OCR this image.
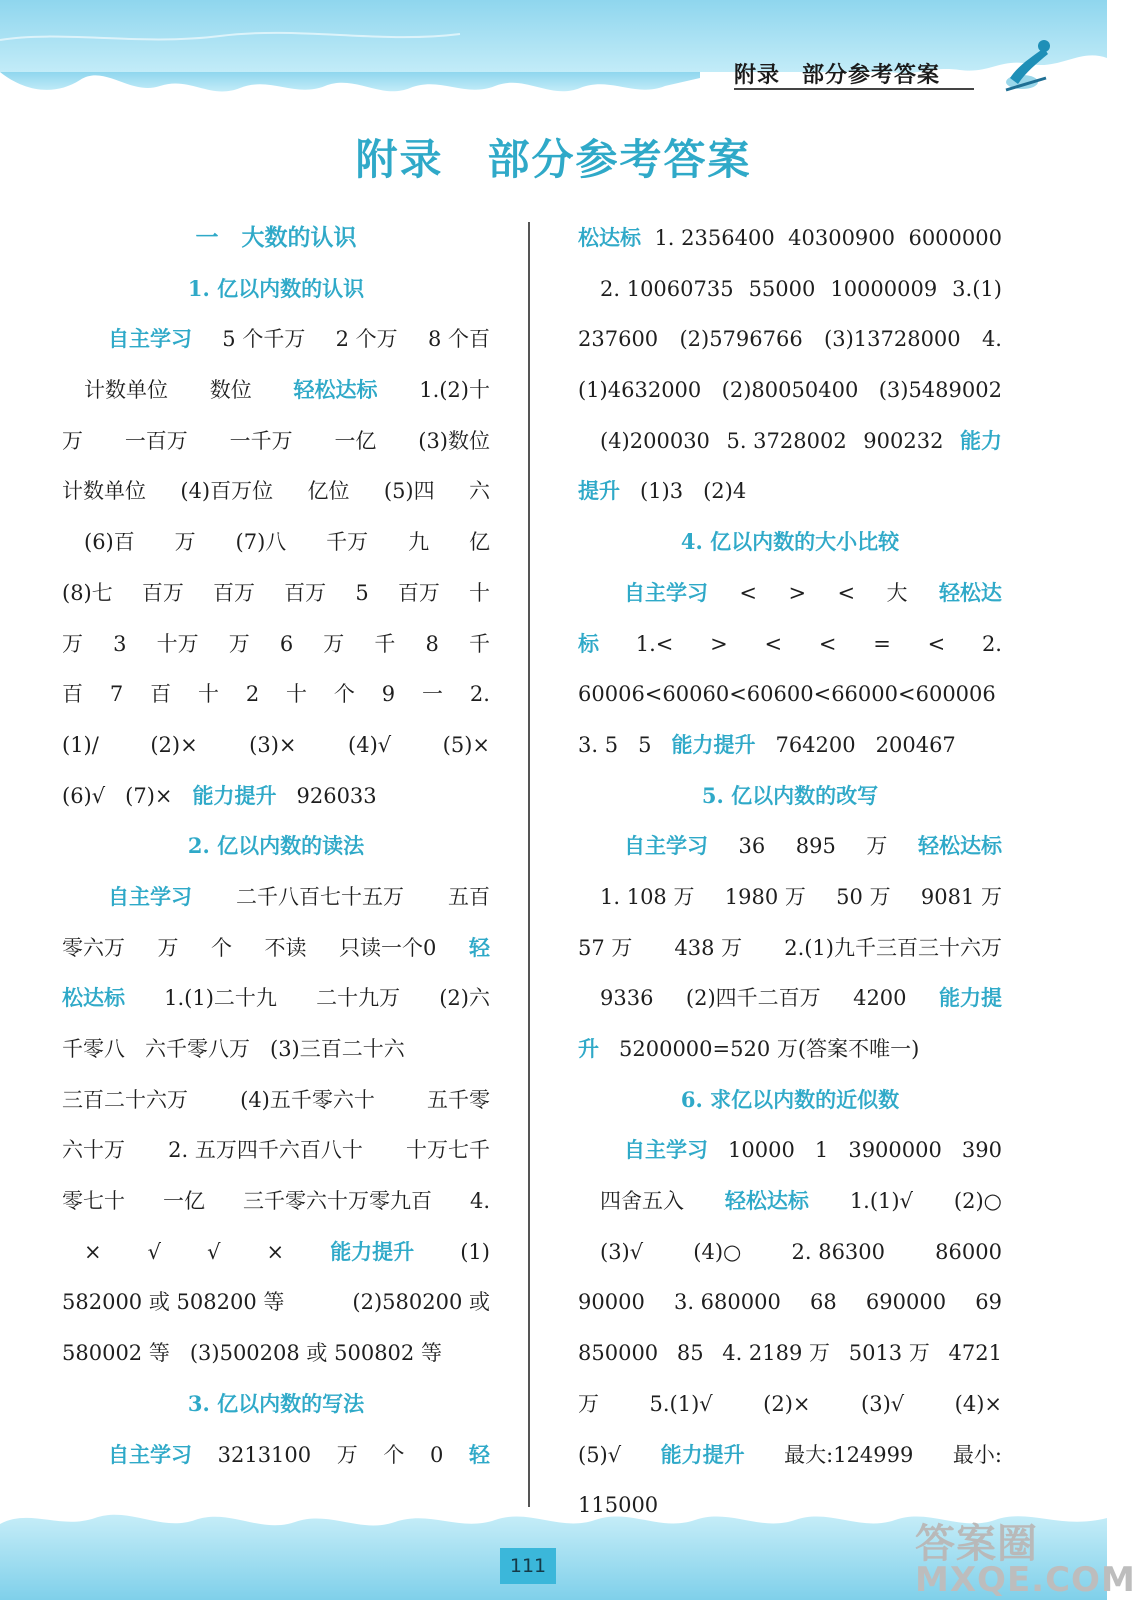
附录 部分参考答案
附录 部分参考答案
一　大数的认识
1. 亿以内数的认识
自主学习 5 个千万 2 个万 8 个百
计数单位 数位 轻松达标 1.(2)十
万 一百万 一千万 一亿 (3)数位
计数单位 (4)百万位 亿位 (5)四 六
(6)百 万 (7)八 千万 九 亿
(8)七 百万 百万 百万 5 百万 十
万 3 十万 万 6 万 千 8 千
百 7 百 十 2 十 个 9 一 2.
(1)/ (2)× (3)× (4)√ (5)×
(6)√ (7)× 能力提升 926033
2. 亿以内数的读法
自主学习 二千八百七十五万 五百
零六万 万 个 不读 只读一个0 轻
松达标 1.(1)二十九 二十九万 (2)六
千零八 六千零八万 (3)三百二十六
三百二十六万 (4)五千零六十 五千零
六十万 2. 五万四千六百八十 十万七千
零七十 一亿 三千零六十万零九百 4.
× √ √ × 能力提升 (1)
582000 或 508200 等	(2)580200 或
580002 等 (3)500208 或 500802 等
3. 亿以内数的写法
自主学习 3213100 万 个 0 轻
松达标 1. 2356400 40300900 6000000
2. 10060735 55000 10000009 3.(1)
237600 (2)5796766 (3)13728000 4.
(1)4632000 (2)80050400 (3)5489002
(4)200030 5. 3728002 900232 能力
提升 (1)3 (2)4
4. 亿以内数的大小比较
自主学习 < > < 大 轻松达
标 1.< > < < = < 2.
60006<60060<60600<66000<600006
3. 5 5 能力提升 764200 200467
5. 亿以内数的改写
自主学习 36 895 万 轻松达标
1. 108 万 1980 万 50 万 9081 万
57 万 438 万 2.(1)九千三百三十六万
9336 (2)四千二百万 4200 能力提
升 5200000=520 万(答案不唯一)
6. 求亿以内数的近似数
自主学习 10000 1 3900000 390
四舍五入 轻松达标 1.(1)√ (2)○
(3)√ (4)○ 2. 86300 86000
90000 3. 680000 68 690000 69
850000 85 4. 2189 万 5013 万 4721
万 5.(1)√ (2)× (3)√ (4)×
(5)√ 能力提升 最大:124999 最小:
115000
111	答案圈
MXQE.COM
